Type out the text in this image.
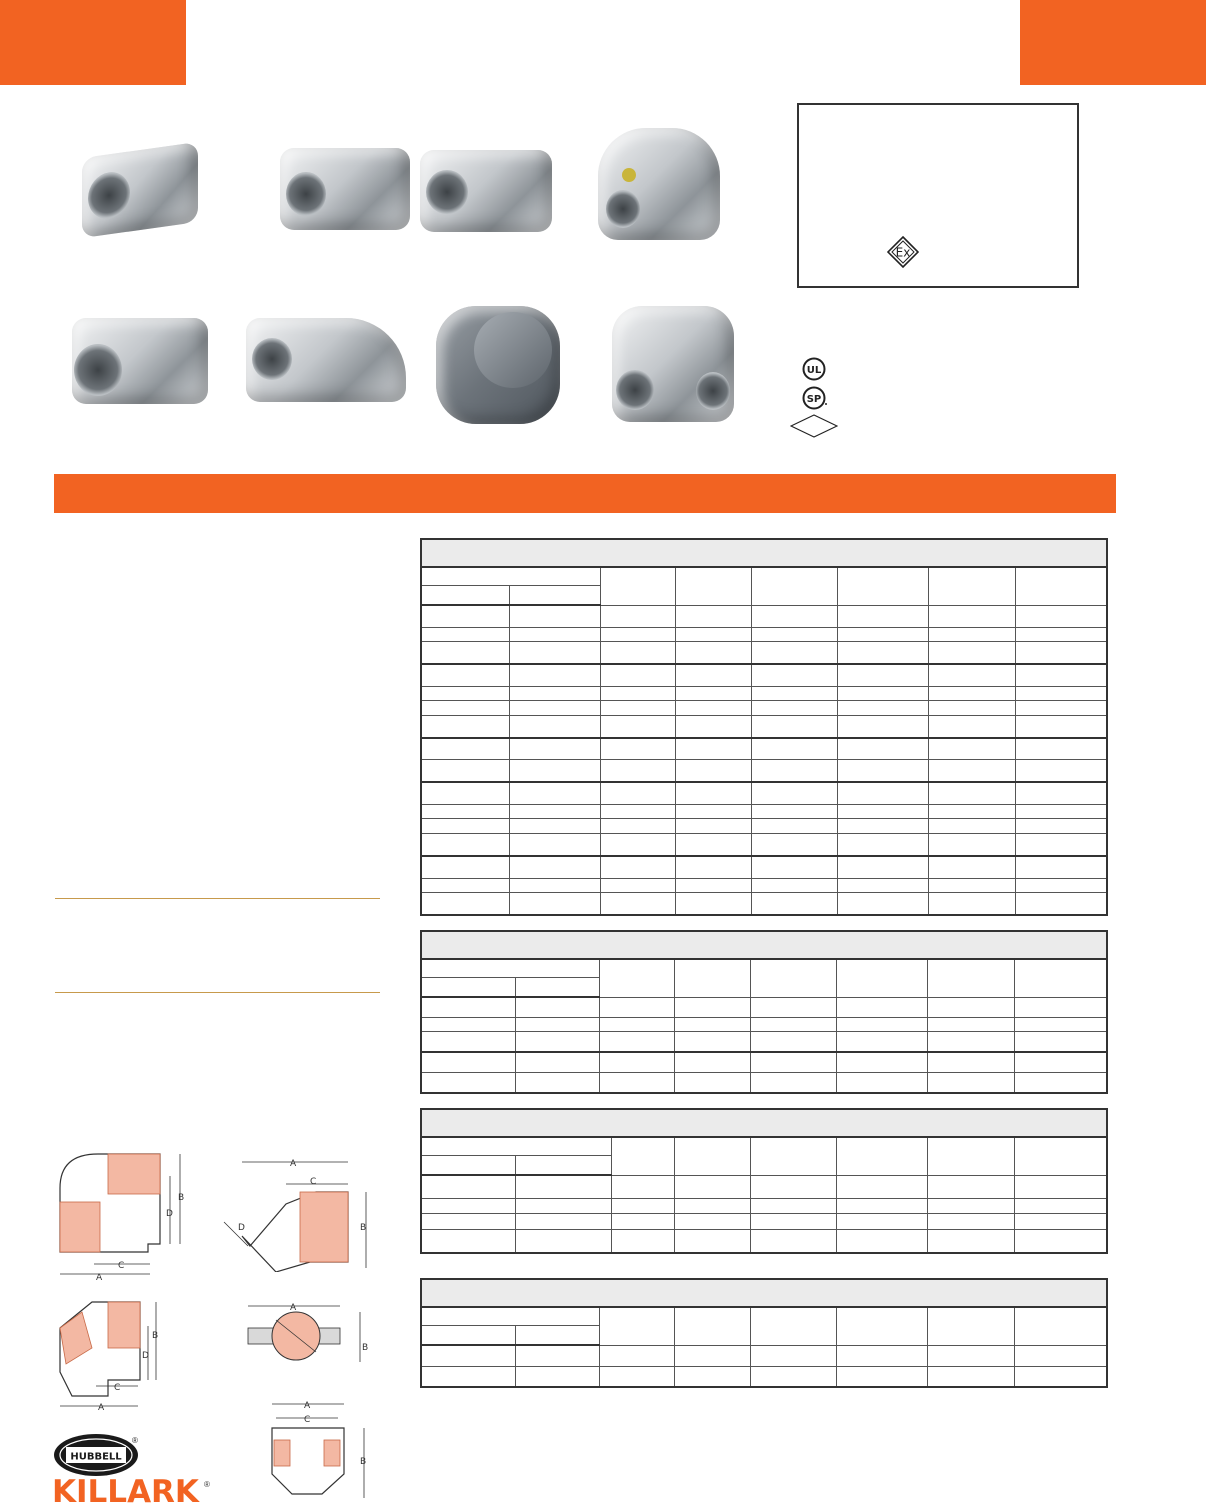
Ex
UL
SP

B
D
C
A
A
C
B
D
B
D
C
A
A
B
A
C
B
HUBBELL
®
KILLARK ®
